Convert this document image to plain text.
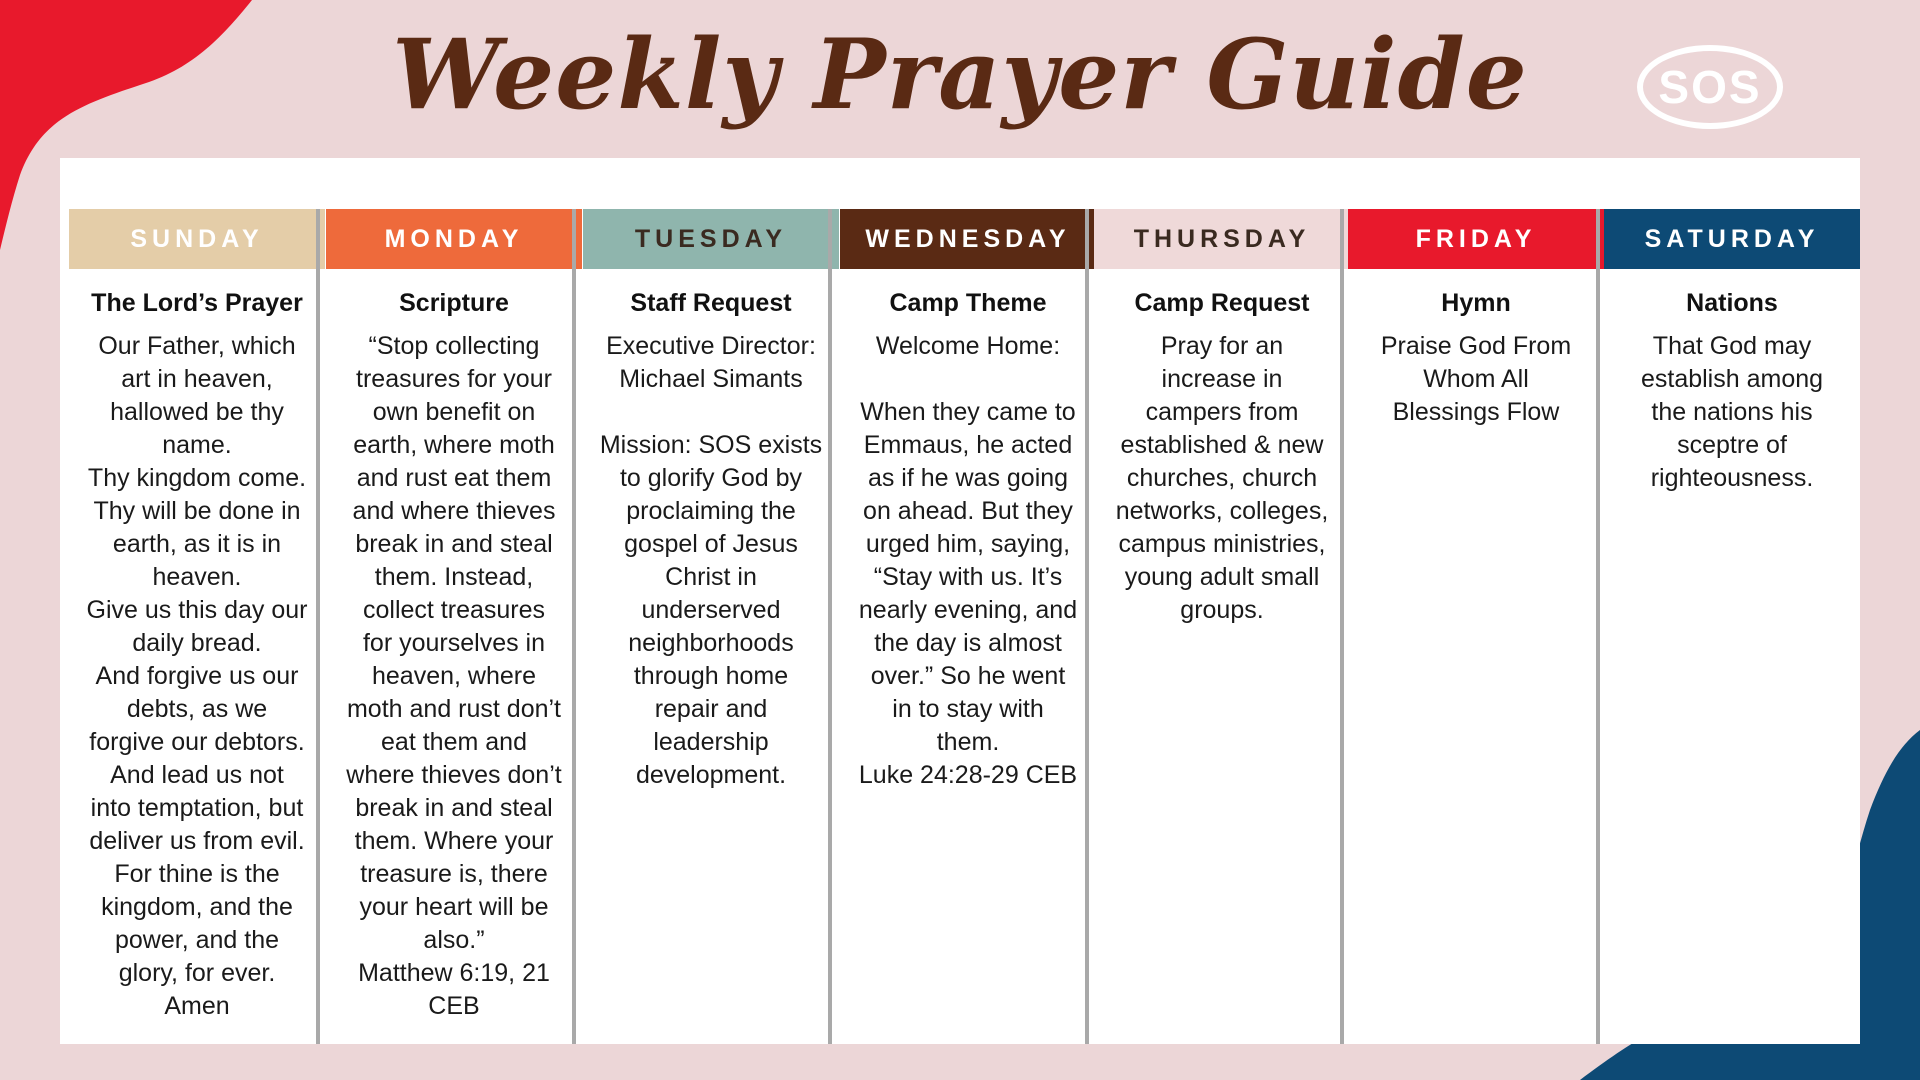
Weekly Prayer Guide	SOS
SUNDAY
The Lord’s Prayer
Our Father, which
art in heaven,
hallowed be thy
name.
Thy kingdom come.
Thy will be done in
earth, as it is in
heaven.
Give us this day our
daily bread.
And forgive us our
debts, as we
forgive our debtors.
And lead us not
into temptation, but
deliver us from evil.
For thine is the
kingdom, and the
power, and the
glory, for ever.
Amen
MONDAY
Scripture
“Stop collecting
treasures for your
own benefit on
earth, where moth
and rust eat them
and where thieves
break in and steal
them. Instead,
collect treasures
for yourselves in
heaven, where
moth and rust don’t
eat them and
where thieves don’t
break in and steal
them. Where your
treasure is, there
your heart will be
also.”
Matthew 6:19, 21
CEB
TUESDAY
Staff Request
Executive Director:
Michael Simants

Mission: SOS exists
to glorify God by
proclaiming the
gospel of Jesus
Christ in
underserved
neighborhoods
through home
repair and
leadership
development.
WEDNESDAY
Camp Theme
Welcome Home:

When they came to
Emmaus, he acted
as if he was going
on ahead. But they
urged him, saying,
“Stay with us. It’s
nearly evening, and
the day is almost
over.” So he went
in to stay with
them.
Luke 24:28-29 CEB
THURSDAY
Camp Request
Pray for an
increase in
campers from
established & new
churches, church
networks, colleges,
campus ministries,
young adult small
groups.
FRIDAY
Hymn
Praise God From
Whom All
Blessings Flow
SATURDAY
Nations
That God may
establish among
the nations his
sceptre of
righteousness.
